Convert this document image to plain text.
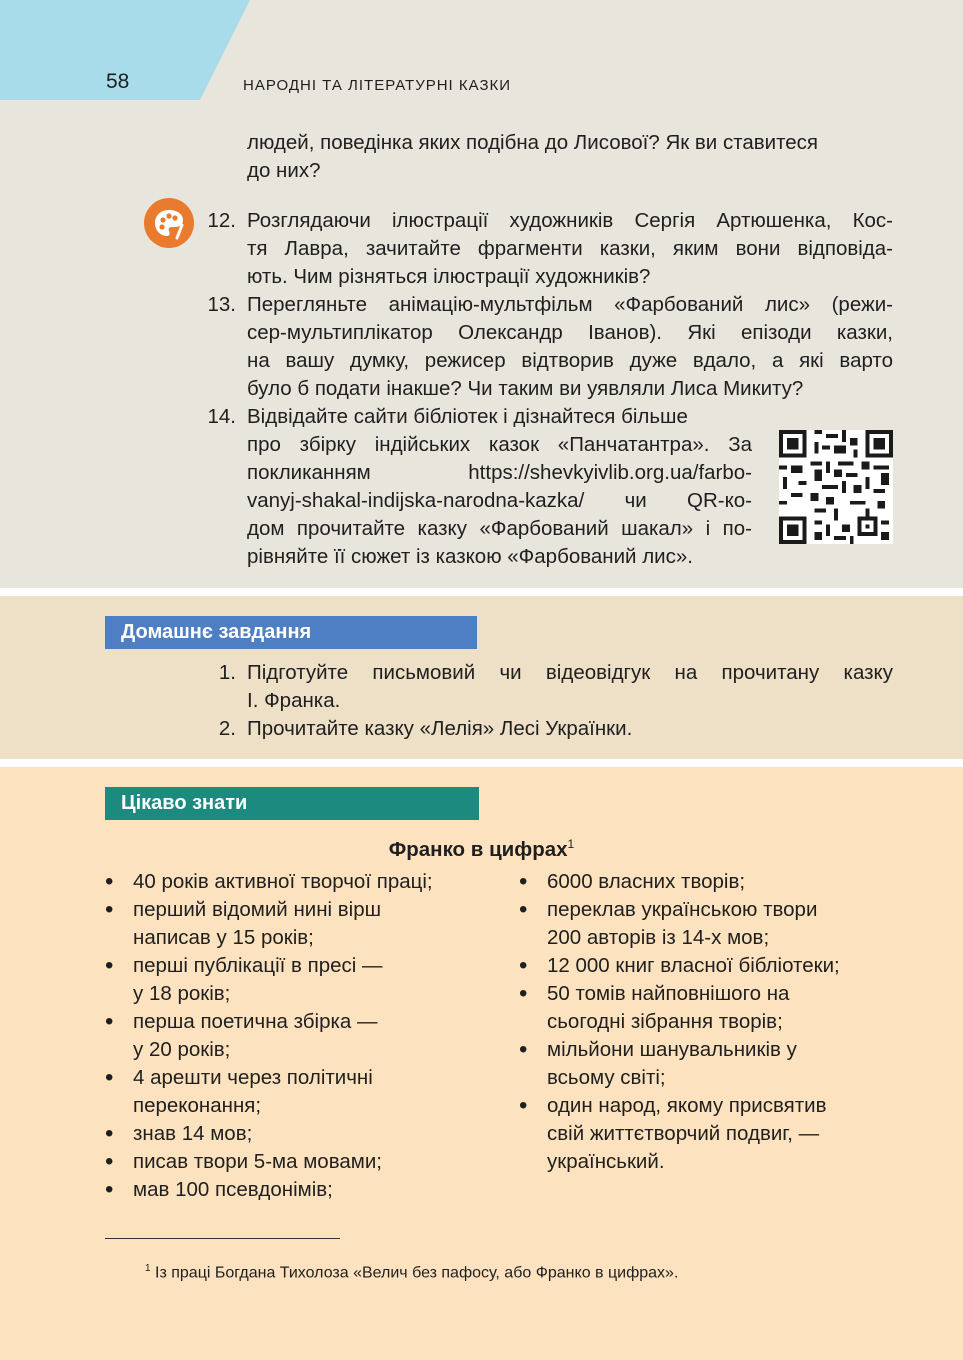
58	НАРОДНІ ТА ЛІТЕРАТУРНІ КАЗКИ
людей, поведінка яких подібна до Лисової? Як ви ставитеся
до них?
12. Розглядаючи ілюстрації художників Сергія Артюшенка, Кос-
тя Лавра, зачитайте фрагменти казки, яким вони відповіда-
ють. Чим різняться ілюстрації художників?
13. Перегляньте анімацію-мультфільм «Фарбований лис» (режи-
сер-мультиплікатор Олександр Іванов). Які епізоди казки,
на вашу думку, режисер відтворив дуже вдало, а які варто
було б подати інакше? Чи таким ви уявляли Лиса Микиту?
14. Відвідайте сайти бібліотек і дізнайтеся більше
про збірку індійських казок «Панчатантра». За
покликанням https://shevkyivlib.org.ua/farbo-
vanyj-shakal-indijska-narodna-kazka/ чи QR-ко-
дом прочитайте казку «Фарбований шакал» і по-
рівняйте її сюжет із казкою «Фарбований лис».
Домашнє завдання
1. Підготуйте письмовий чи відеовідгук на прочитану казку
І. Франка.
2. Прочитайте казку «Лелія» Лесі Українки.
Цікаво знати
Франко в цифрах$^1$
• 40 років активної творчої праці;
• перший відомий нині вірш
написав у 15 років;
• перші публікації в пресі —
у 18 років;
• перша поетична збірка —
у 20 років;
• 4 арешти через політичні
переконання;
• знав 14 мов;
• писав твори 5-ма мовами;
• мав 100 псевдонімів;
• 6000 власних творів;
• переклав українською твори
200 авторів із 14-х мов;
• 12 000 книг власної бібліотеки;
• 50 томів найповнішого на
сьогодні зібрання творів;
• мільйони шанувальників у
всьому світі;
• один народ, якому присвятив
свій життєтворчий подвиг, —
український.
$^1$ Із праці Богдана Тихолоза «Велич без пафосу, або Франко в цифрах».
